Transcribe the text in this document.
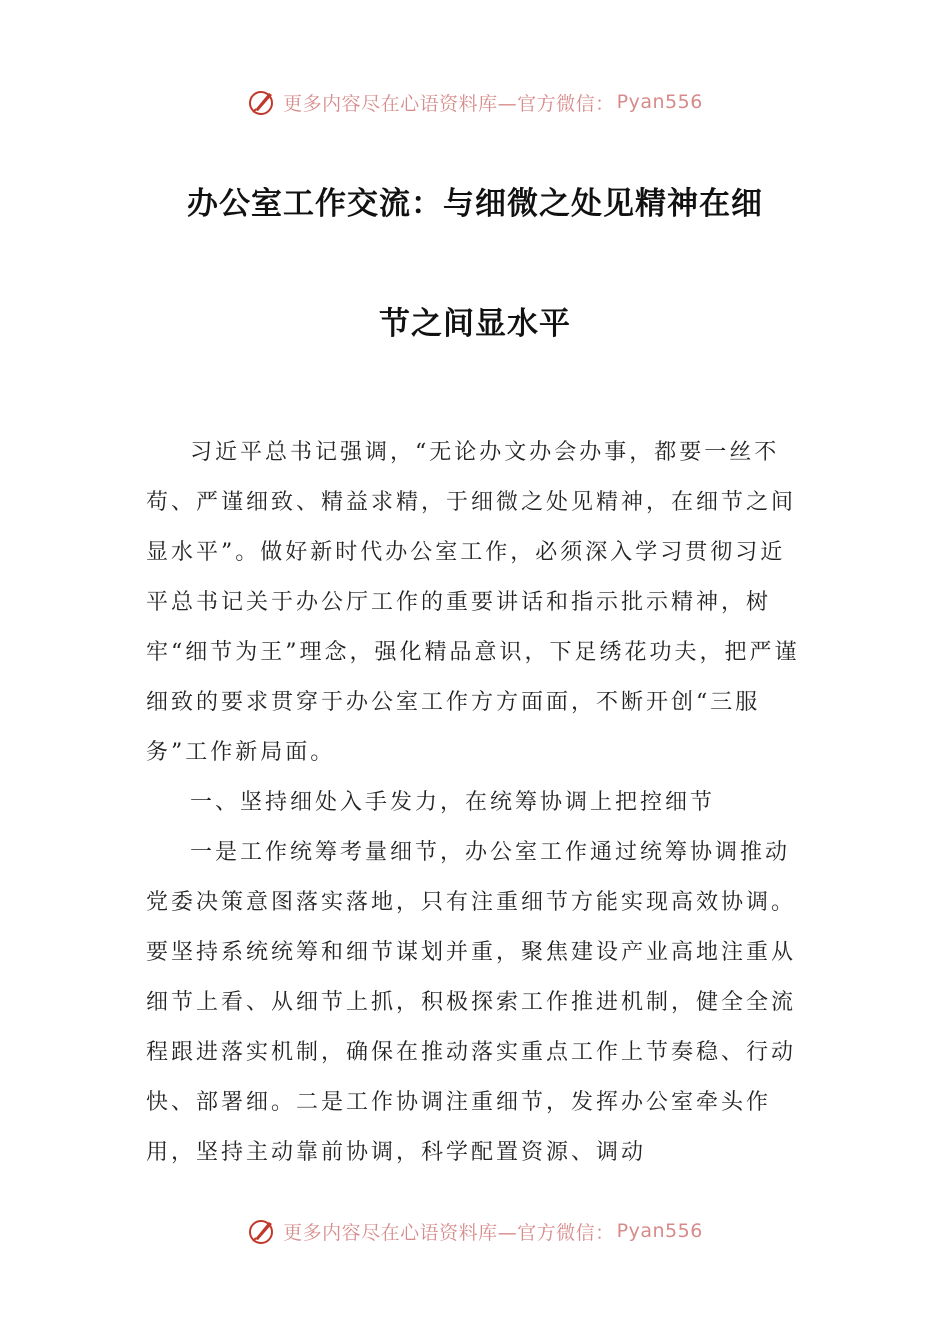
更多内容尽在心语资料库—官方微信： Pyan556
办公室工作交流：与细微之处见精神在细
节之间显水平

习近平总书记强调，“无论办文办会办事，都要一丝不苟、严谨细致、精益求精，于细微之处见精神，在细节之间显水平”。做好新时代办公室工作，必须深入学习贯彻习近平总书记关于办公厅工作的重要讲话和指示批示精神，树牢“细节为王”理念，强化精品意识，下足绣花功夫，把严谨细致的要求贯穿于办公室工作方方面面，不断开创“三服务”工作新局面。

一、坚持细处入手发力，在统筹协调上把控细节

一是工作统筹考量细节，办公室工作通过统筹协调推动党委决策意图落实落地，只有注重细节方能实现高效协调。要坚持系统统筹和细节谋划并重，聚焦建设产业高地注重从细节上看、从细节上抓，积极探索工作推进机制，健全全流程跟进落实机制，确保在推动落实重点工作上节奏稳、行动快、部署细。二是工作协调注重细节，发挥办公室牵头作用，坚持主动靠前协调，科学配置资源、调动

更多内容尽在心语资料库—官方微信： Pyan556
